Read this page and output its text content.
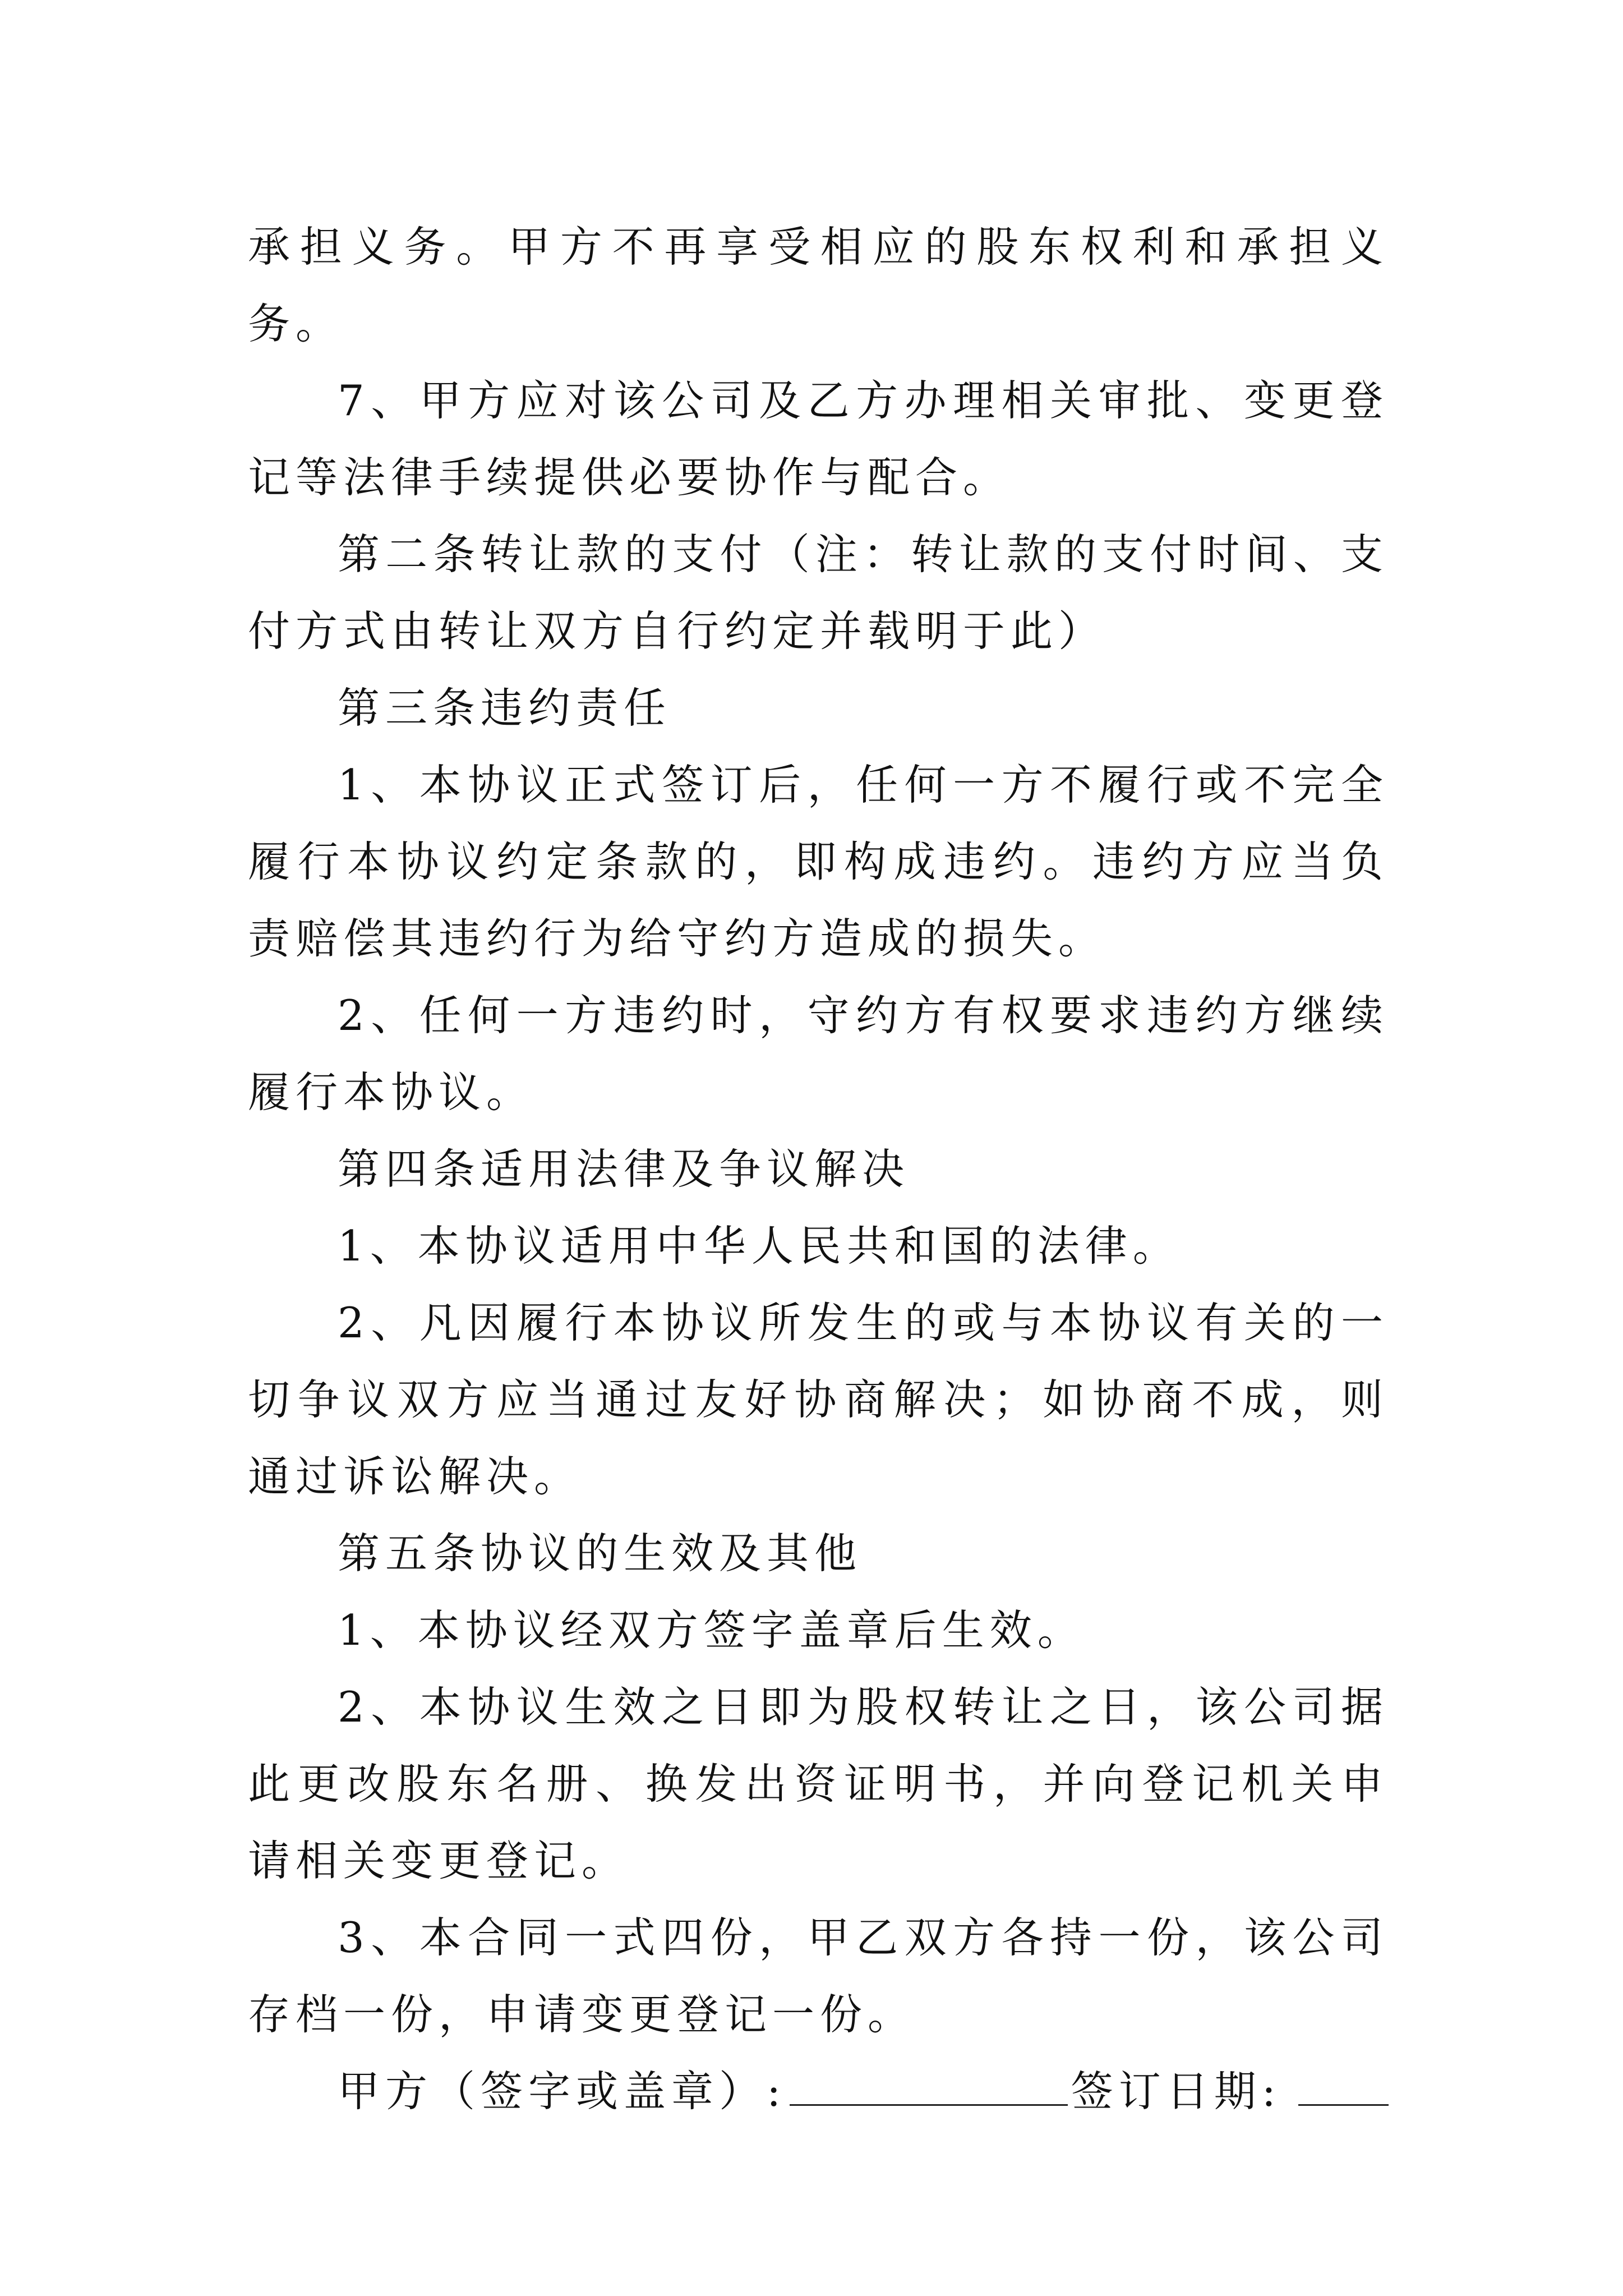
承担义务。甲方不再享受相应的股东权利和承担义务。

7、甲方应对该公司及乙方办理相关审批、变更登记等法律手续提供必要协作与配合。

第二条转让款的支付（注：转让款的支付时间、支付方式由转让双方自行约定并载明于此）

第三条违约责任

1、本协议正式签订后，任何一方不履行或不完全履行本协议约定条款的，即构成违约。违约方应当负责赔偿其违约行为给守约方造成的损失。

2、任何一方违约时，守约方有权要求违约方继续履行本协议。

第四条适用法律及争议解决

1、本协议适用中华人民共和国的法律。

2、凡因履行本协议所发生的或与本协议有关的一切争议双方应当通过友好协商解决；如协商不成，则通过诉讼解决。

第五条协议的生效及其他

1、本协议经双方签字盖章后生效。

2、本协议生效之日即为股权转让之日，该公司据此更改股东名册、换发出资证明书，并向登记机关申请相关变更登记。

3、本合同一式四份，甲乙双方各持一份，该公司存档一份，申请变更登记一份。

甲方（签字或盖章）:	签订日期:
